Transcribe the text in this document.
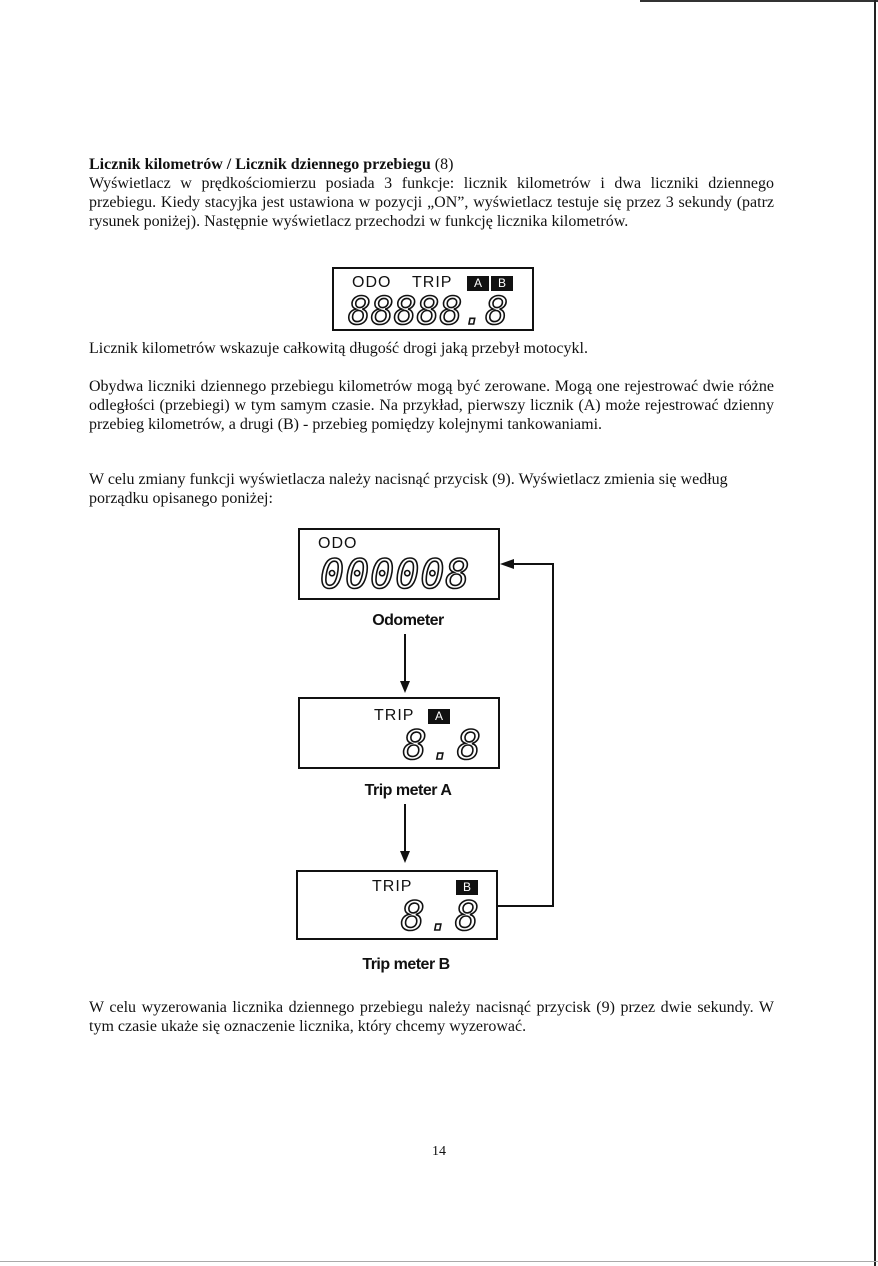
Licznik kilometrów / Licznik dziennego przebiegu (8)
Wyświetlacz w prędkościomierzu posiada 3 funkcje: licznik kilometrów i dwa liczniki dziennego przebiegu. Kiedy stacyjka jest ustawiona w pozycji „ON”, wyświetlacz testuje się przez 3 sekundy (patrz rysunek poniżej). Następnie wyświetlacz przechodzi w funkcję licznika kilometrów.
ODO TRIP	A	B
88888.8

Licznik kilometrów wskazuje całkowitą długość drogi jaką przebył motocykl.

Obydwa liczniki dziennego przebiegu kilometrów mogą być zerowane. Mogą one rejestrować dwie różne odległości (przebiegi) w tym samym czasie. Na przykład, pierwszy licznik (A) może rejestrować dzienny przebieg kilometrów, a drugi (B) - przebieg pomiędzy kolejnymi tankowaniami.

W celu zmiany funkcji wyświetlacza należy nacisnąć przycisk (9). Wyświetlacz zmienia się według porządku opisanego poniżej:

ODO
000008
Odometer
TRIP	A
8.8
Trip meter A
TRIP	B
8.8
Trip meter B

W celu wyzerowania licznika dziennego przebiegu należy nacisnąć przycisk (9) przez dwie sekundy. W tym czasie ukaże się oznaczenie licznika, który chcemy wyzerować.

14
